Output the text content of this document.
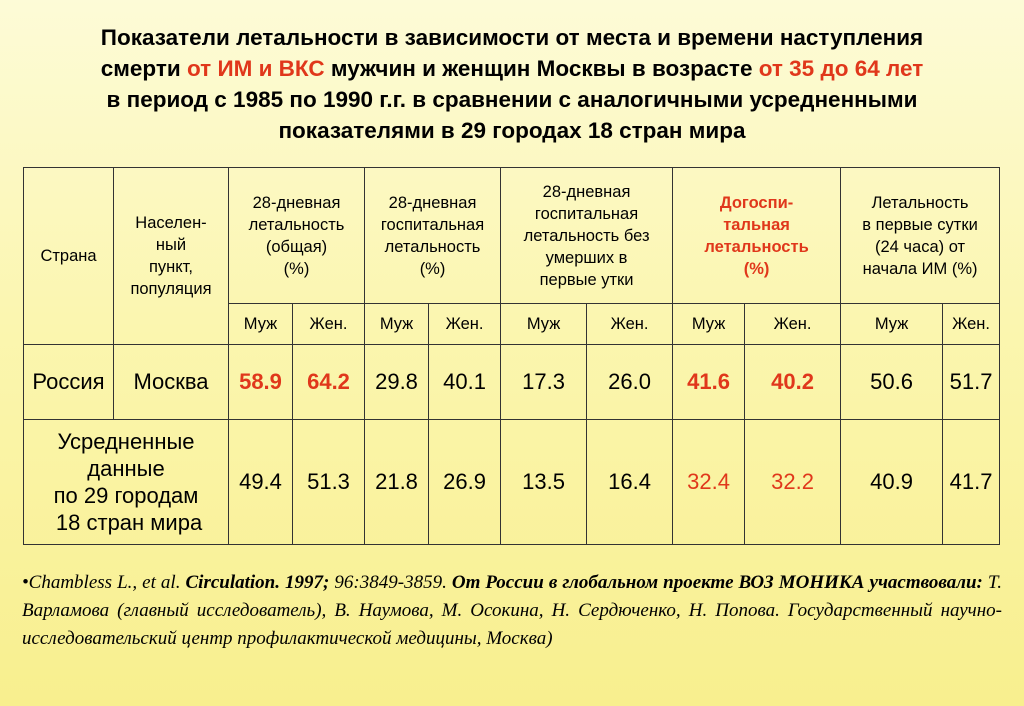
Показатели летальности в зависимости от места и времени наступления
смерти от ИМ и ВКС мужчин и женщин Москвы в возрасте от 35 до 64 лет
в период с 1985 по 1990 г.г. в сравнении с аналогичными усредненными
показателями в 29 городах 18 стран мира
Страна	Населен-
ный
пункт,
популяция	28-дневная
летальность
(общая)
(%)		28-дневная
госпитальная
летальность
(%)		28-дневная
госпитальная
летальность без
умерших в
первые утки		Догоспи-
тальная
летальность
(%)		Летальность
в первые сутки
(24 часа) от
начала ИМ (%)	
		Муж	Жен.	Муж	Жен.	Муж	Жен.	Муж	Жен.	Муж	Жен.
Россия	Москва	58.9	64.2	29.8	40.1	17.3	26.0	41.6	40.2	50.6	51.7
Усредненные
данные
по 29 городам
18 стран мира		49.4	51.3	21.8	26.9	13.5	16.4	32.4	32.2	40.9	41.7
•Chambless L., et al. Circulation. 1997; 96:3849-3859. От России в глобальном проекте ВОЗ МОНИКА участвовали: Т. Варламова (главный исследователь), В. Наумова, М. Осокина, Н. Сердюченко, Н. Попова. Государственный научно-исследовательский центр профилактической медицины, Москва)
